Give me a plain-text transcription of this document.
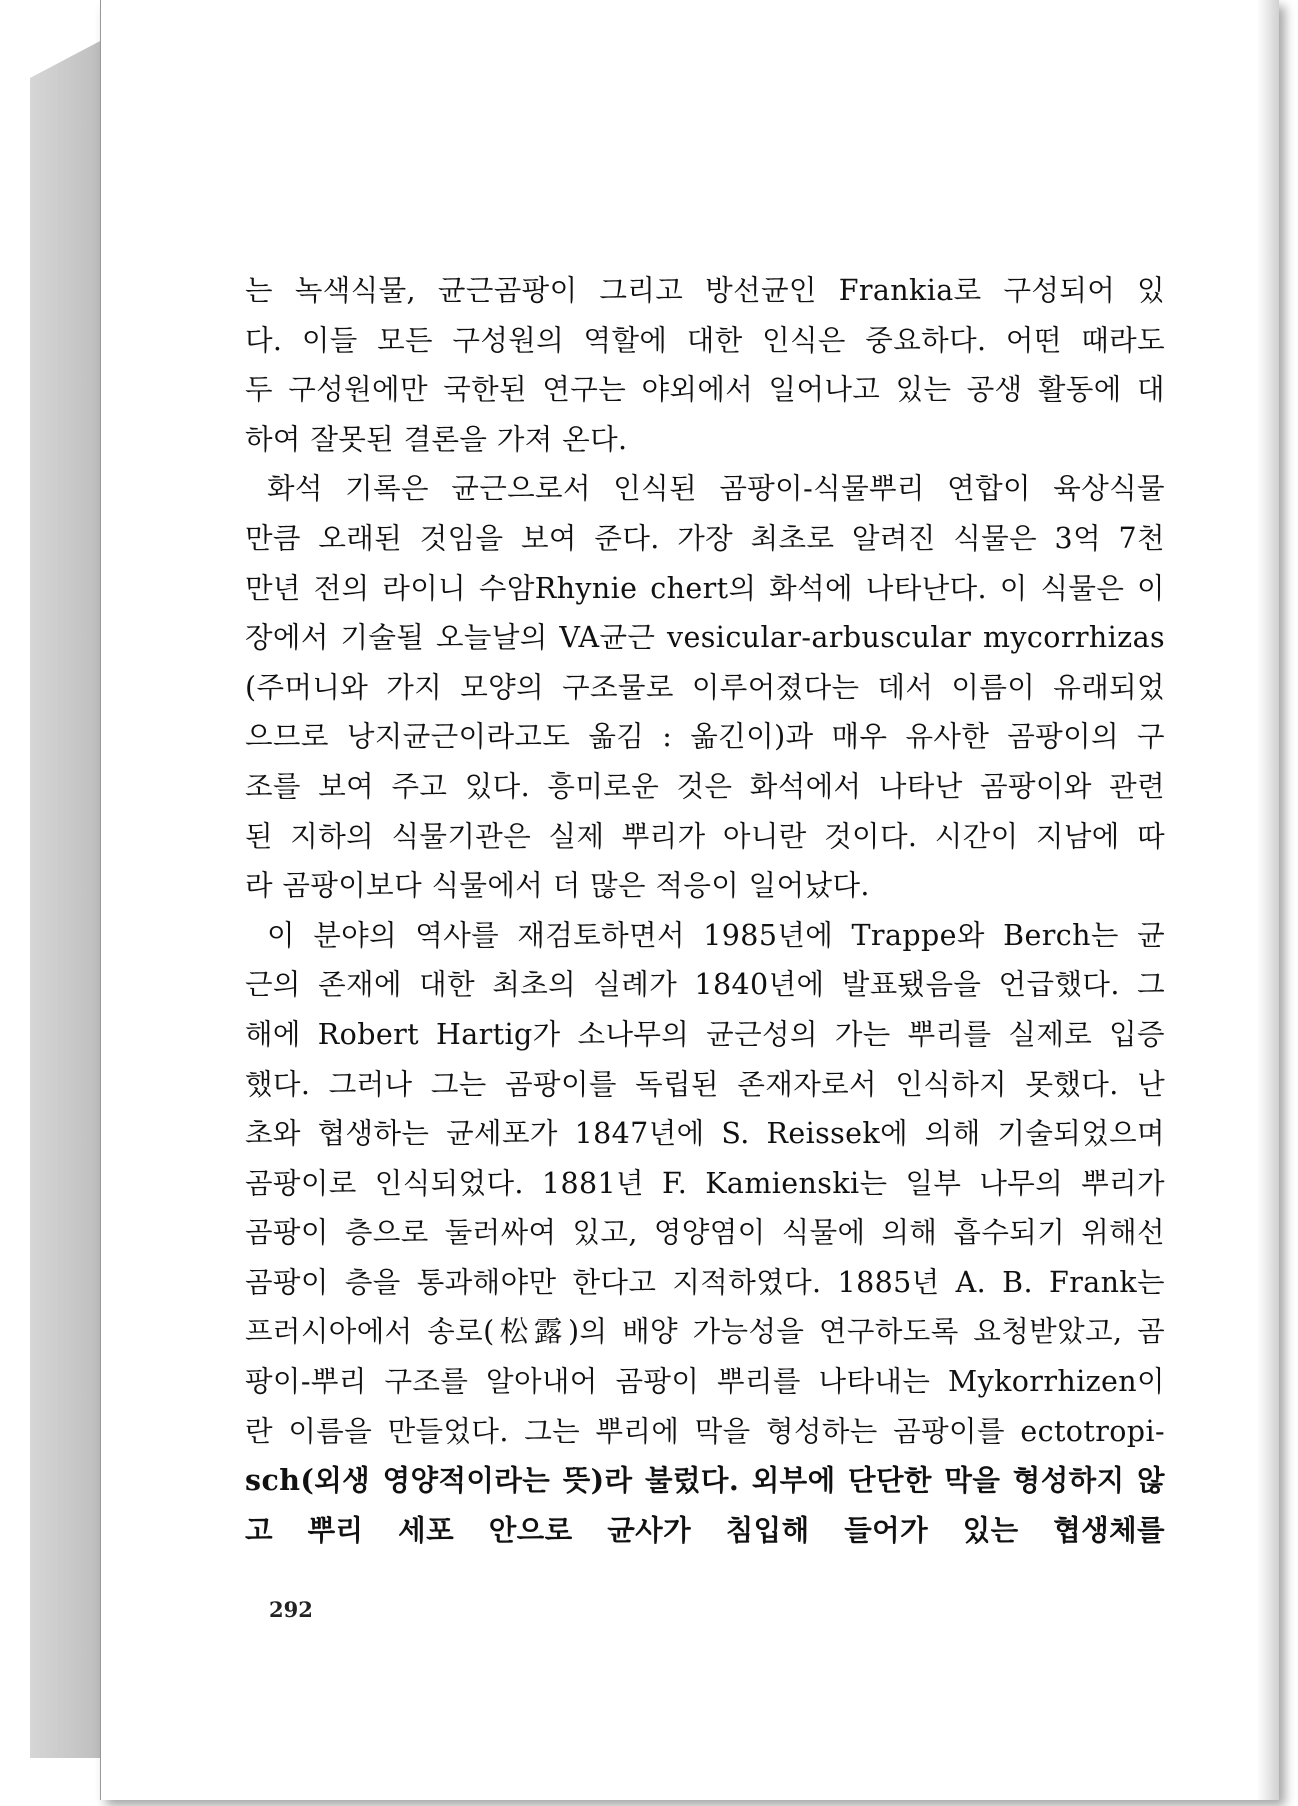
는 녹색식물, 균근곰팡이 그리고 방선균인 Frankia로 구성되어 있
다. 이들 모든 구성원의 역할에 대한 인식은 중요하다. 어떤 때라도
두 구성원에만 국한된 연구는 야외에서 일어나고 있는 공생 활동에 대
하여 잘못된 결론을 가져 온다.
화석 기록은 균근으로서 인식된 곰팡이-식물뿌리 연합이 육상식물
만큼 오래된 것임을 보여 준다. 가장 최초로 알려진 식물은 3억 7천
만년 전의 라이니 수암Rhynie chert의 화석에 나타난다. 이 식물은 이
장에서 기술될 오늘날의 VA균근 vesicular-arbuscular mycorrhizas
(주머니와 가지 모양의 구조물로 이루어졌다는 데서 이름이 유래되었
으므로 낭지균근이라고도 옮김 : 옮긴이)과 매우 유사한 곰팡이의 구
조를 보여 주고 있다. 흥미로운 것은 화석에서 나타난 곰팡이와 관련
된 지하의 식물기관은 실제 뿌리가 아니란 것이다. 시간이 지남에 따
라 곰팡이보다 식물에서 더 많은 적응이 일어났다.
이 분야의 역사를 재검토하면서 1985년에 Trappe와 Berch는 균
근의 존재에 대한 최초의 실례가 1840년에 발표됐음을 언급했다. 그
해에 Robert Hartig가 소나무의 균근성의 가는 뿌리를 실제로 입증
했다. 그러나 그는 곰팡이를 독립된 존재자로서 인식하지 못했다. 난
초와 협생하는 균세포가 1847년에 S. Reissek에 의해 기술되었으며
곰팡이로 인식되었다. 1881년 F. Kamienski는 일부 나무의 뿌리가
곰팡이 층으로 둘러싸여 있고, 영양염이 식물에 의해 흡수되기 위해선
곰팡이 층을 통과해야만 한다고 지적하였다. 1885년 A. B. Frank는
프러시아에서 송로(松露)의 배양 가능성을 연구하도록 요청받았고, 곰
팡이-뿌리 구조를 알아내어 곰팡이 뿌리를 나타내는 Mykorrhizen이
란 이름을 만들었다. 그는 뿌리에 막을 형성하는 곰팡이를 ectotropi-
sch(외생 영양적이라는 뜻)라 불렀다. 외부에 단단한 막을 형성하지 않
고 뿌리 세포 안으로 균사가 침입해 들어가 있는 협생체를
292
